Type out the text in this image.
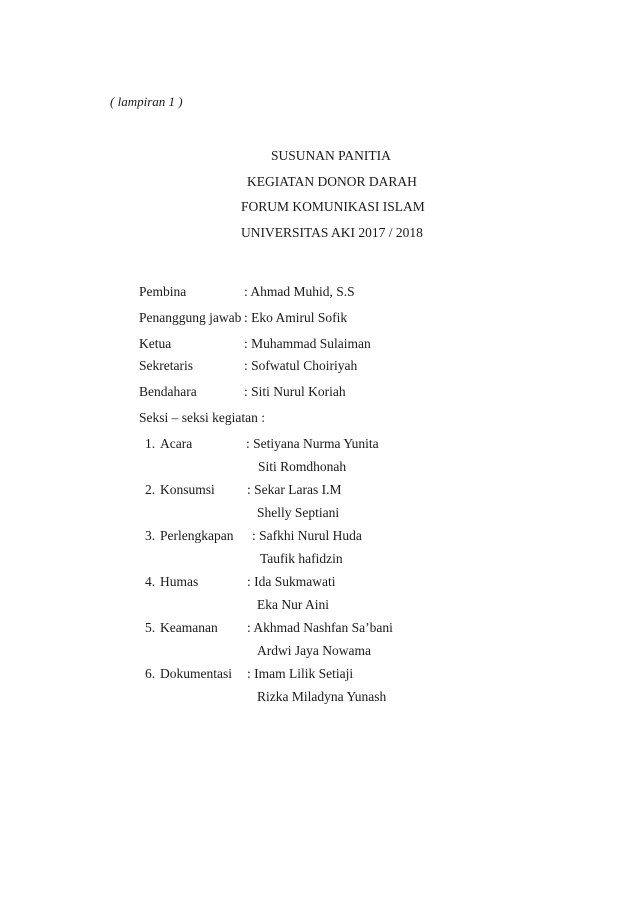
( lampiran 1 )
SUSUNAN PANITIA
KEGIATAN DONOR DARAH
FORUM KOMUNIKASI ISLAM
UNIVERSITAS AKI 2017 / 2018
Pembina	: Ahmad Muhid, S.S
Penanggung jawab : Eko Amirul Sofik
Ketua	: Muhammad Sulaiman
Sekretaris	: Sofwatul Choiriyah
Bendahara	: Siti Nurul Koriah
Seksi – seksi kegiatan :
1. Acara	: Setiyana Nurma Yunita
Siti Romdhonah
2. Konsumsi : Sekar Laras I.M
Shelly Septiani
3. Perlengkapan : Safkhi Nurul Huda
Taufik hafidzin
4. Humas	: Ida Sukmawati
Eka Nur Aini
5. Keamanan : Akhmad Nashfan Sa’bani
Ardwi Jaya Nowama
6. Dokumentasi : Imam Lilik Setiaji
Rizka Miladyna Yunash
